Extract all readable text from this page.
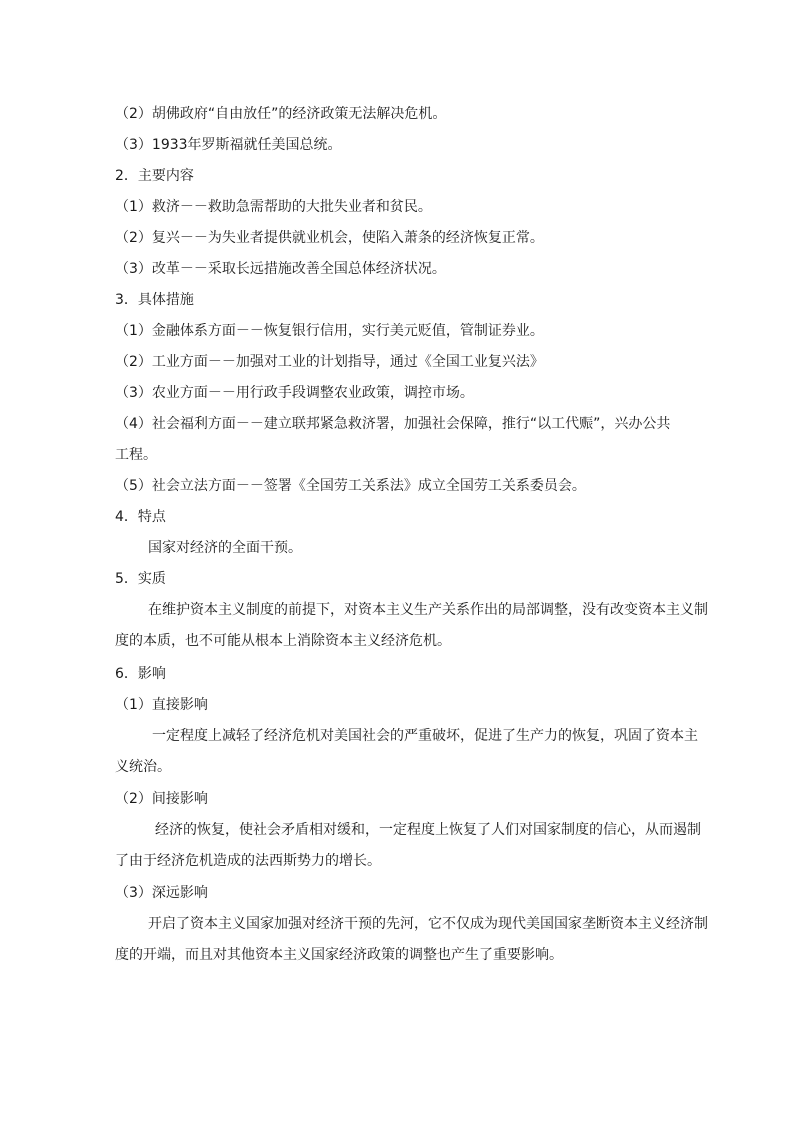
（2）胡佛政府“自由放任”的经济政策无法解决危机。
（3）1933年罗斯福就任美国总统。
2．主要内容
（1）救济－－救助急需帮助的大批失业者和贫民。
（2）复兴－－为失业者提供就业机会，使陷入萧条的经济恢复正常。
（3）改革－－采取长远措施改善全国总体经济状况。
3．具体措施
（1）金融体系方面－－恢复银行信用，实行美元贬值，管制证券业。
（2）工业方面－－加强对工业的计划指导，通过《全国工业复兴法》
（3）农业方面－－用行政手段调整农业政策，调控市场。
（4）社会福利方面－－建立联邦紧急救济署，加强社会保障，推行“以工代赈”，兴办公共
工程。
（5）社会立法方面－－签署《全国劳工关系法》成立全国劳工关系委员会。
4．特点
国家对经济的全面干预。
5．实质
在维护资本主义制度的前提下，对资本主义生产关系作出的局部调整，没有改变资本主义制度的本质，也不可能从根本上消除资本主义经济危机。
6．影响
（1）直接影响
一定程度上减轻了经济危机对美国社会的严重破坏，促进了生产力的恢复，巩固了资本主义统治。
（2）间接影响
经济的恢复，使社会矛盾相对缓和，一定程度上恢复了人们对国家制度的信心，从而遏制了由于经济危机造成的法西斯势力的增长。
（3）深远影响
开启了资本主义国家加强对经济干预的先河，它不仅成为现代美国国家垄断资本主义经济制度的开端，而且对其他资本主义国家经济政策的调整也产生了重要影响。
